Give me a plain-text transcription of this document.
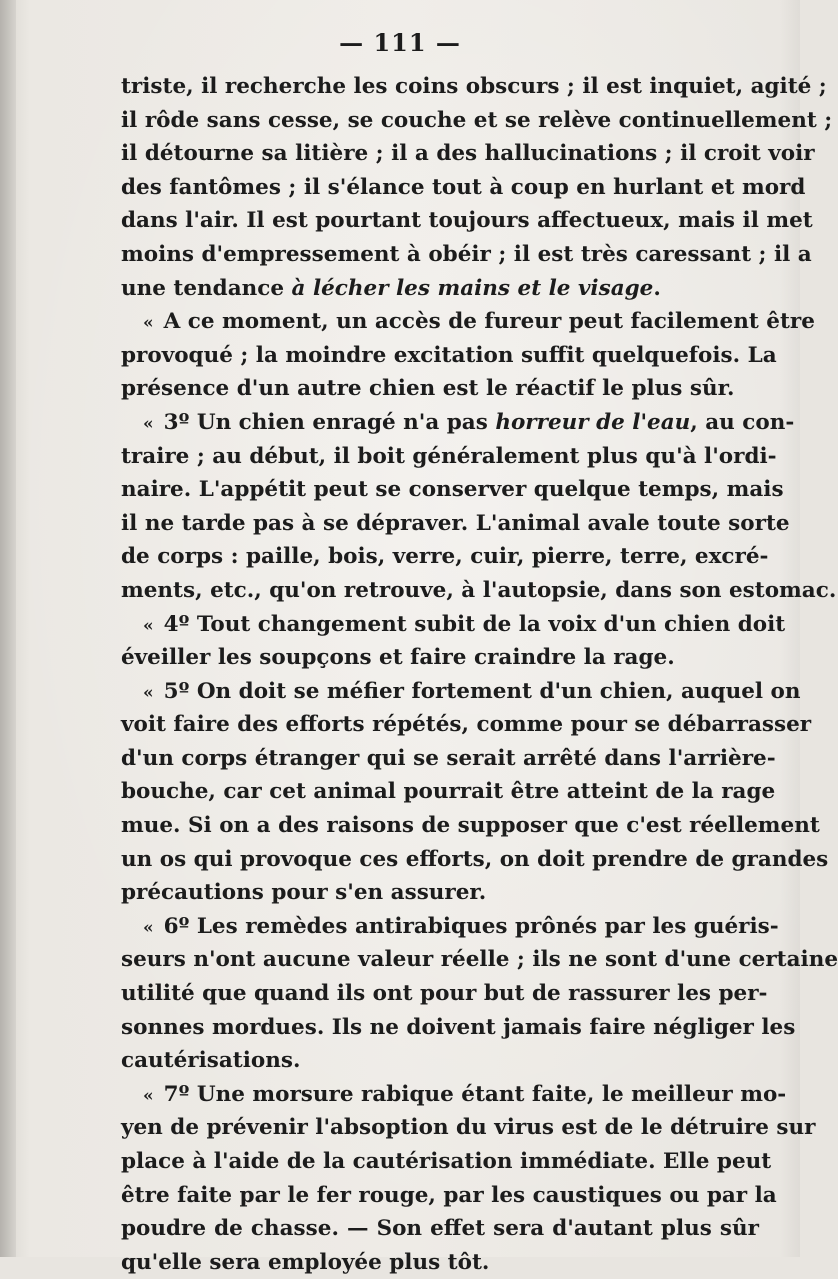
— 111 —
triste, il recherche les coins obscurs ; il est inquiet, agité ;
il rôde sans cesse, se couche et se relève continuellement ;
il détourne sa litière ; il a des hallucinations ; il croit voir
des fantômes ; il s'élance tout à coup en hurlant et mord
dans l'air. Il est pourtant toujours affectueux, mais il met
moins d'empressement à obéir ; il est très caressant ; il a
une tendance à lécher les mains et le visage.
« A ce moment, un accès de fureur peut facilement être
provoqué ; la moindre excitation suffit quelquefois. La
présence d'un autre chien est le réactif le plus sûr.
« 3º Un chien enragé n'a pas horreur de l'eau, au con-
traire ; au début, il boit généralement plus qu'à l'ordi-
naire. L'appétit peut se conserver quelque temps, mais
il ne tarde pas à se dépraver. L'animal avale toute sorte
de corps : paille, bois, verre, cuir, pierre, terre, excré-
ments, etc., qu'on retrouve, à l'autopsie, dans son estomac.
« 4º Tout changement subit de la voix d'un chien doit
éveiller les soupçons et faire craindre la rage.
« 5º On doit se méfier fortement d'un chien, auquel on
voit faire des efforts répétés, comme pour se débarrasser
d'un corps étranger qui se serait arrêté dans l'arrière-
bouche, car cet animal pourrait être atteint de la rage
mue. Si on a des raisons de supposer que c'est réellement
un os qui provoque ces efforts, on doit prendre de grandes
précautions pour s'en assurer.
« 6º Les remèdes antirabiques prônés par les guéris-
seurs n'ont aucune valeur réelle ; ils ne sont d'une certaine
utilité que quand ils ont pour but de rassurer les per-
sonnes mordues. Ils ne doivent jamais faire négliger les
cautérisations.
« 7º Une morsure rabique étant faite, le meilleur mo-
yen de prévenir l'absoption du virus est de le détruire sur
place à l'aide de la cautérisation immédiate. Elle peut
être faite par le fer rouge, par les caustiques ou par la
poudre de chasse. — Son effet sera d'autant plus sûr
qu'elle sera employée plus tôt.
